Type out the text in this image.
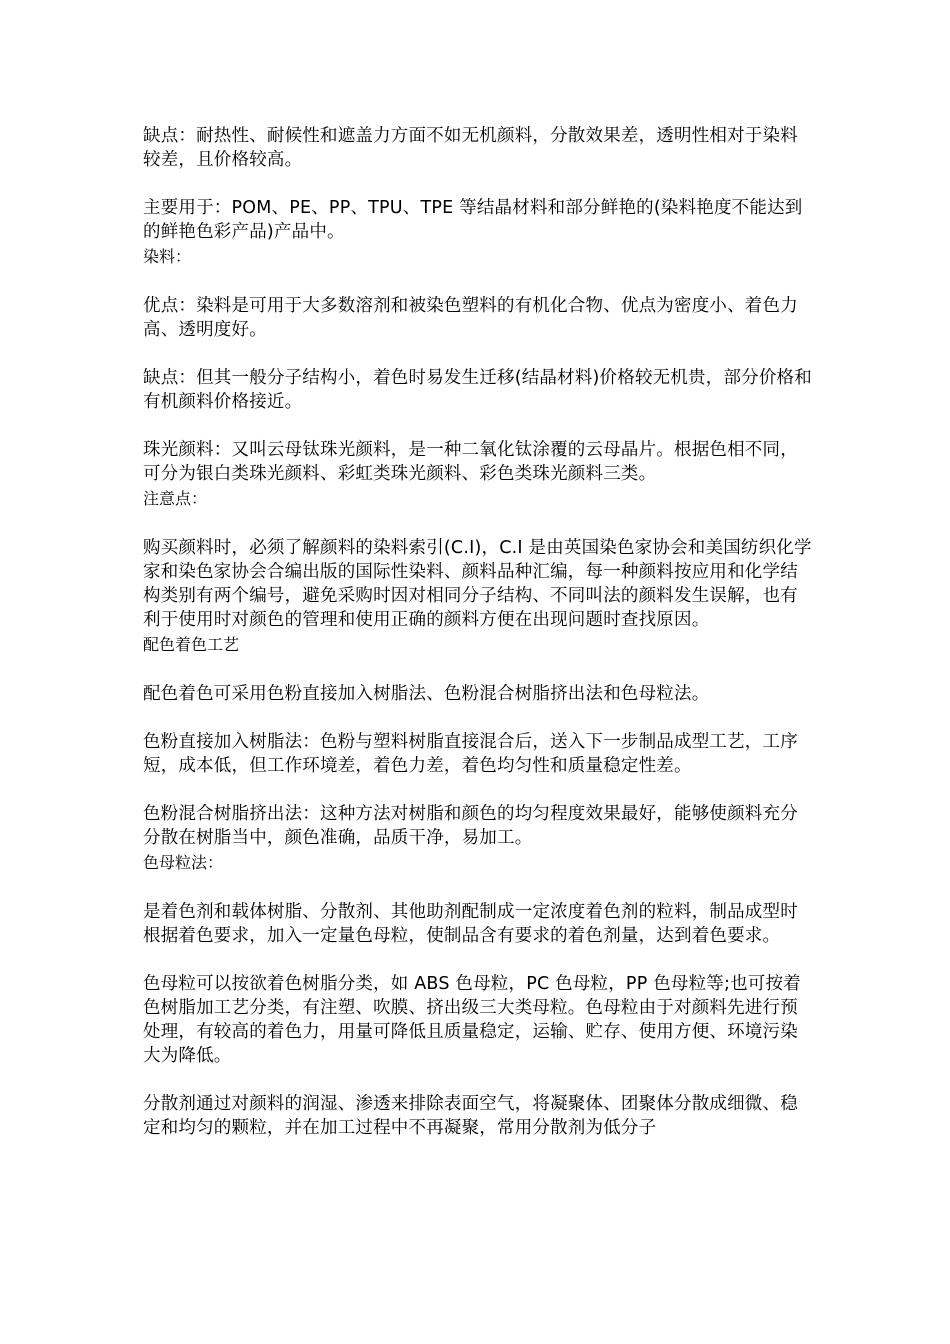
缺点：耐热性、耐候性和遮盖力方面不如无机颜料，分散效果差，透明性相对于染料较差，且价格较高。

主要用于：POM、PE、PP、TPU、TPE 等结晶材料和部分鲜艳的(染料艳度不能达到的鲜艳色彩产品)产品中。

染料：

优点：染料是可用于大多数溶剂和被染色塑料的有机化合物、优点为密度小、着色力高、透明度好。

缺点：但其一般分子结构小，着色时易发生迁移(结晶材料)价格较无机贵，部分价格和有机颜料价格接近。

珠光颜料：又叫云母钛珠光颜料，是一种二氧化钛涂覆的云母晶片。根据色相不同，可分为银白类珠光颜料、彩虹类珠光颜料、彩色类珠光颜料三类。

注意点：

购买颜料时，必须了解颜料的染料索引(C.I)，C.I 是由英国染色家协会和美国纺织化学家和染色家协会合编出版的国际性染料、颜料品种汇编，每一种颜料按应用和化学结构类别有两个编号，避免采购时因对相同分子结构、不同叫法的颜料发生误解，也有利于使用时对颜色的管理和使用正确的颜料方便在出现问题时查找原因。

配色着色工艺

配色着色可采用色粉直接加入树脂法、色粉混合树脂挤出法和色母粒法。

色粉直接加入树脂法：色粉与塑料树脂直接混合后，送入下一步制品成型工艺，工序短，成本低，但工作环境差，着色力差，着色均匀性和质量稳定性差。

色粉混合树脂挤出法：这种方法对树脂和颜色的均匀程度效果最好，能够使颜料充分分散在树脂当中，颜色准确，品质干净，易加工。

色母粒法：

是着色剂和载体树脂、分散剂、其他助剂配制成一定浓度着色剂的粒料，制品成型时根据着色要求，加入一定量色母粒，使制品含有要求的着色剂量，达到着色要求。

色母粒可以按欲着色树脂分类，如 ABS 色母粒，PC 色母粒，PP 色母粒等;也可按着色树脂加工艺分类，有注塑、吹膜、挤出级三大类母粒。色母粒由于对颜料先进行预处理，有较高的着色力，用量可降低且质量稳定，运输、贮存、使用方便、环境污染大为降低。

分散剂通过对颜料的润湿、渗透来排除表面空气，将凝聚体、团聚体分散成细微、稳定和均匀的颗粒，并在加工过程中不再凝聚，常用分散剂为低分子
